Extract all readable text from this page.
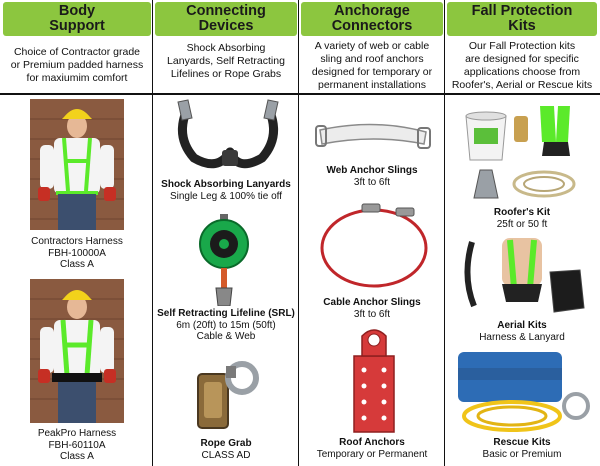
Body
Support
Connecting
Devices
Anchorage
Connectors
Fall Protection
Kits
Choice of Contractor grade
or Premium padded harness
for maxiumim comfort
Shock Absorbing
Lanyards, Self Retracting
Lifelines or Rope Grabs
A variety of web or cable
sling and roof anchors
designed for temporary or
permanent installations
Our Fall Protection kits
are designed for specific
applications choose from
Roofer's, Aerial or Rescue kits
Contractors Harness
FBH-10000A
Class A
PeakPro Harness
FBH-60110A
Class A
Shock Absorbing Lanyards
Single Leg & 100% tie off
Self Retracting Lifeline (SRL)
6m (20ft) to 15m (50ft)
Cable & Web
Rope Grab
CLASS AD
Web Anchor Slings
3ft to 6ft
Cable Anchor Slings
3ft to 6ft
Roof Anchors
Temporary or Permanent
Roofer's Kit
25ft or 50 ft
Aerial Kits
Harness & Lanyard
Rescue Kits
Basic or Premium
